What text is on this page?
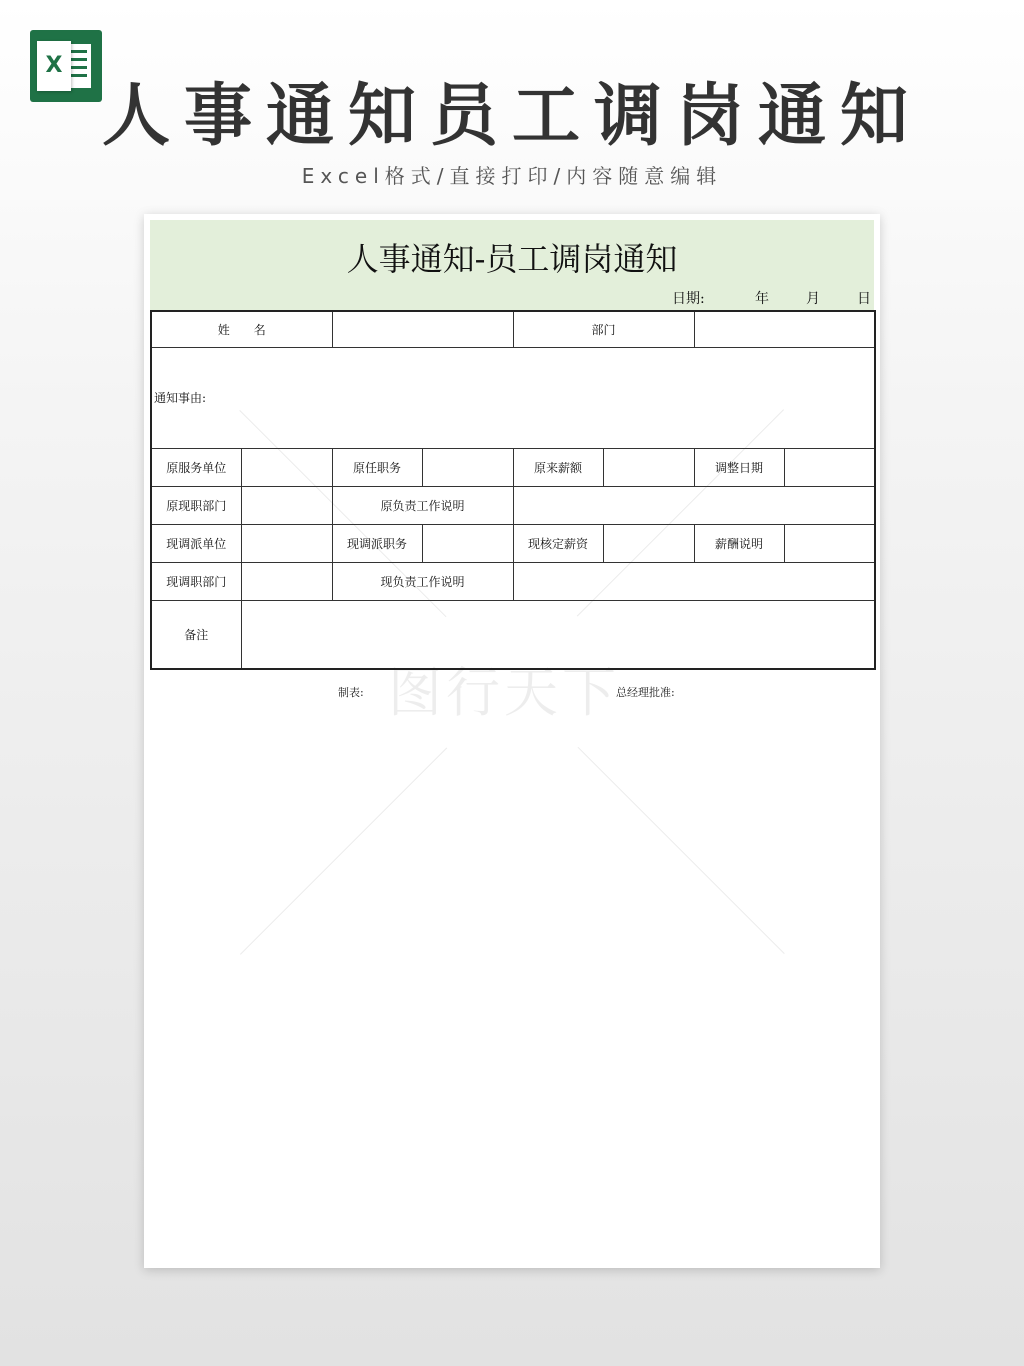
X
人事通知员工调岗通知
Excel格式/直接打印/内容随意编辑
图行天下
人事通知-员工调岗通知
日期:	年	月	日
姓　　名				部门			
通知事由:							
原服务单位		原任职务		原来薪额		调整日期	
原现职部门		原负责工作说明					
现调派单位		现调派职务		现核定薪资		薪酬说明	
现调职部门		现负责工作说明					
备注							
制表:	总经理批准:
